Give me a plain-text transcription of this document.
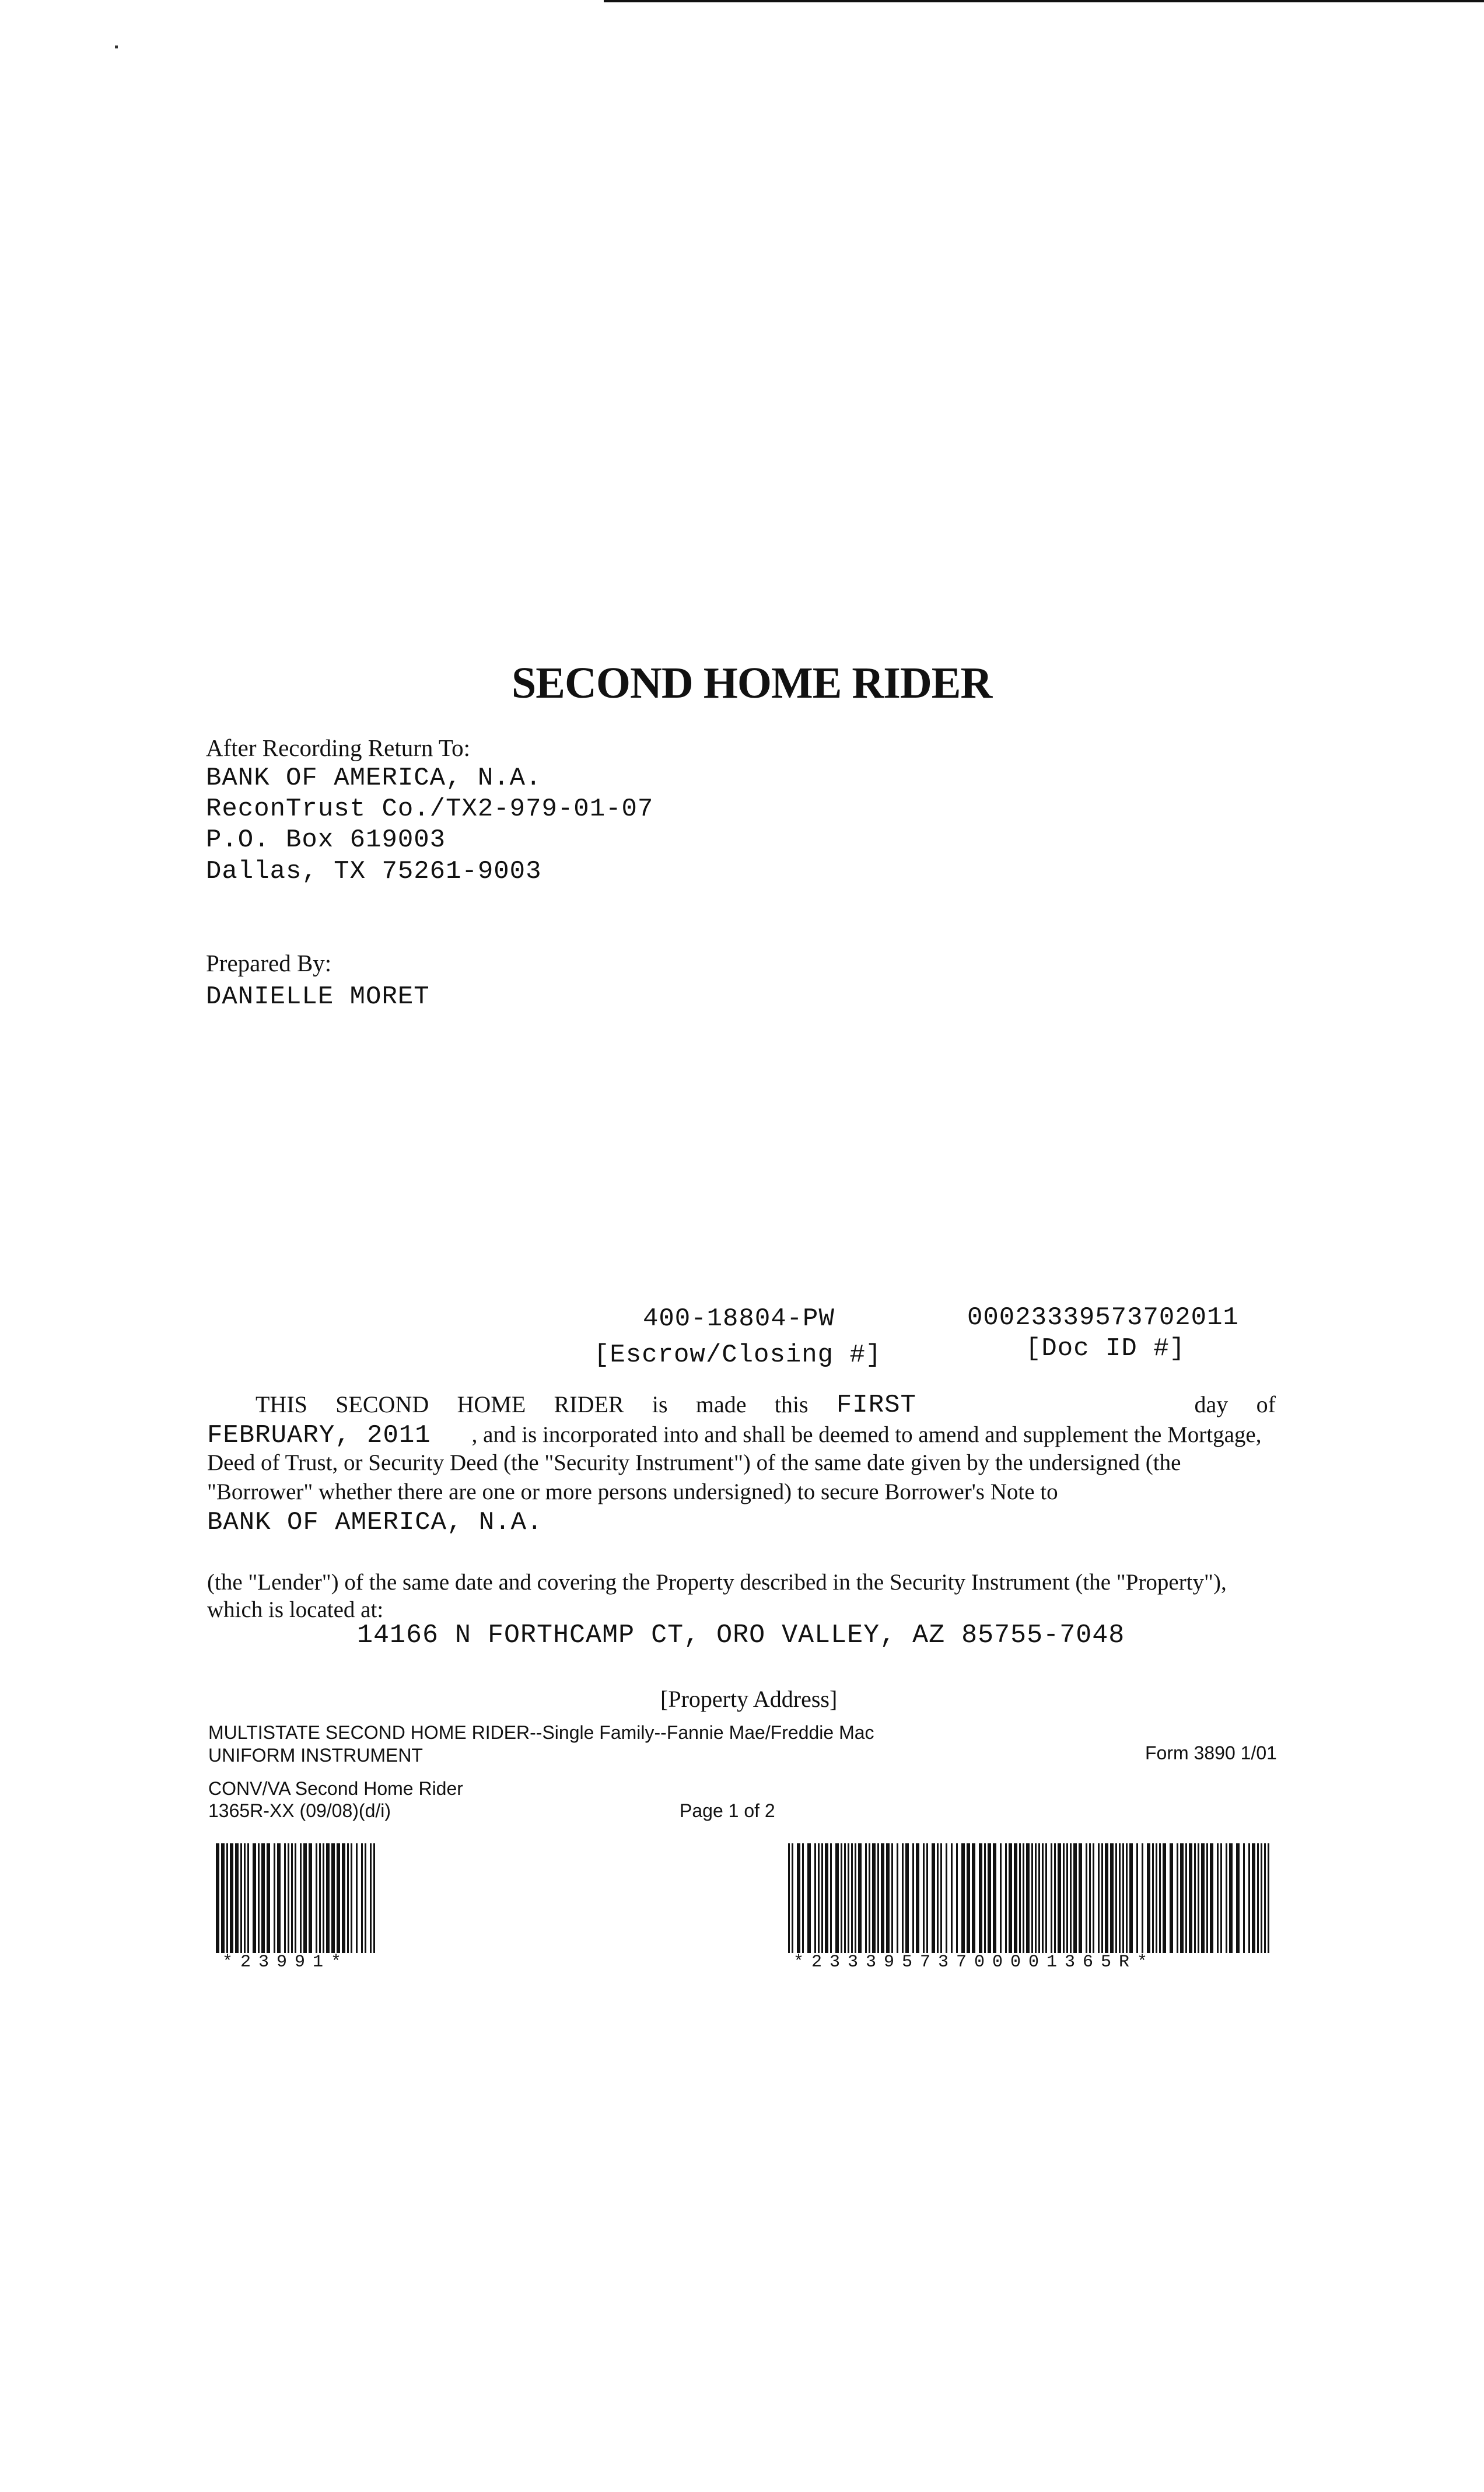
SECOND HOME RIDER
After Recording Return To:
BANK OF AMERICA, N.A.
ReconTrust Co./TX2-979-01-07
P.O. Box 619003
Dallas, TX 75261-9003
Prepared By:
DANIELLE MORET
400-18804-PW
[Escrow/Closing #]
00023339573702011
[Doc ID #]
THIS SECOND HOME RIDER is made this FIRST	day of
FEBRUARY, 2011 , and is incorporated into and shall be deemed to amend and supplement the Mortgage,
Deed of Trust, or Security Deed (the "Security Instrument") of the same date given by the undersigned (the
"Borrower" whether there are one or more persons undersigned) to secure Borrower's Note to
BANK OF AMERICA, N.A.
(the "Lender") of the same date and covering the Property described in the Security Instrument (the "Property"),
which is located at:
14166 N FORTHCAMP CT, ORO VALLEY, AZ 85755-7048
[Property Address]
MULTISTATE SECOND HOME RIDER--Single Family--Fannie Mae/Freddie Mac
UNIFORM INSTRUMENT	Form 3890 1/01
CONV/VA Second Home Rider
1365R-XX (09/08)(d/i)	Page 1 of 2
*23991*	*23339573700001365R*
